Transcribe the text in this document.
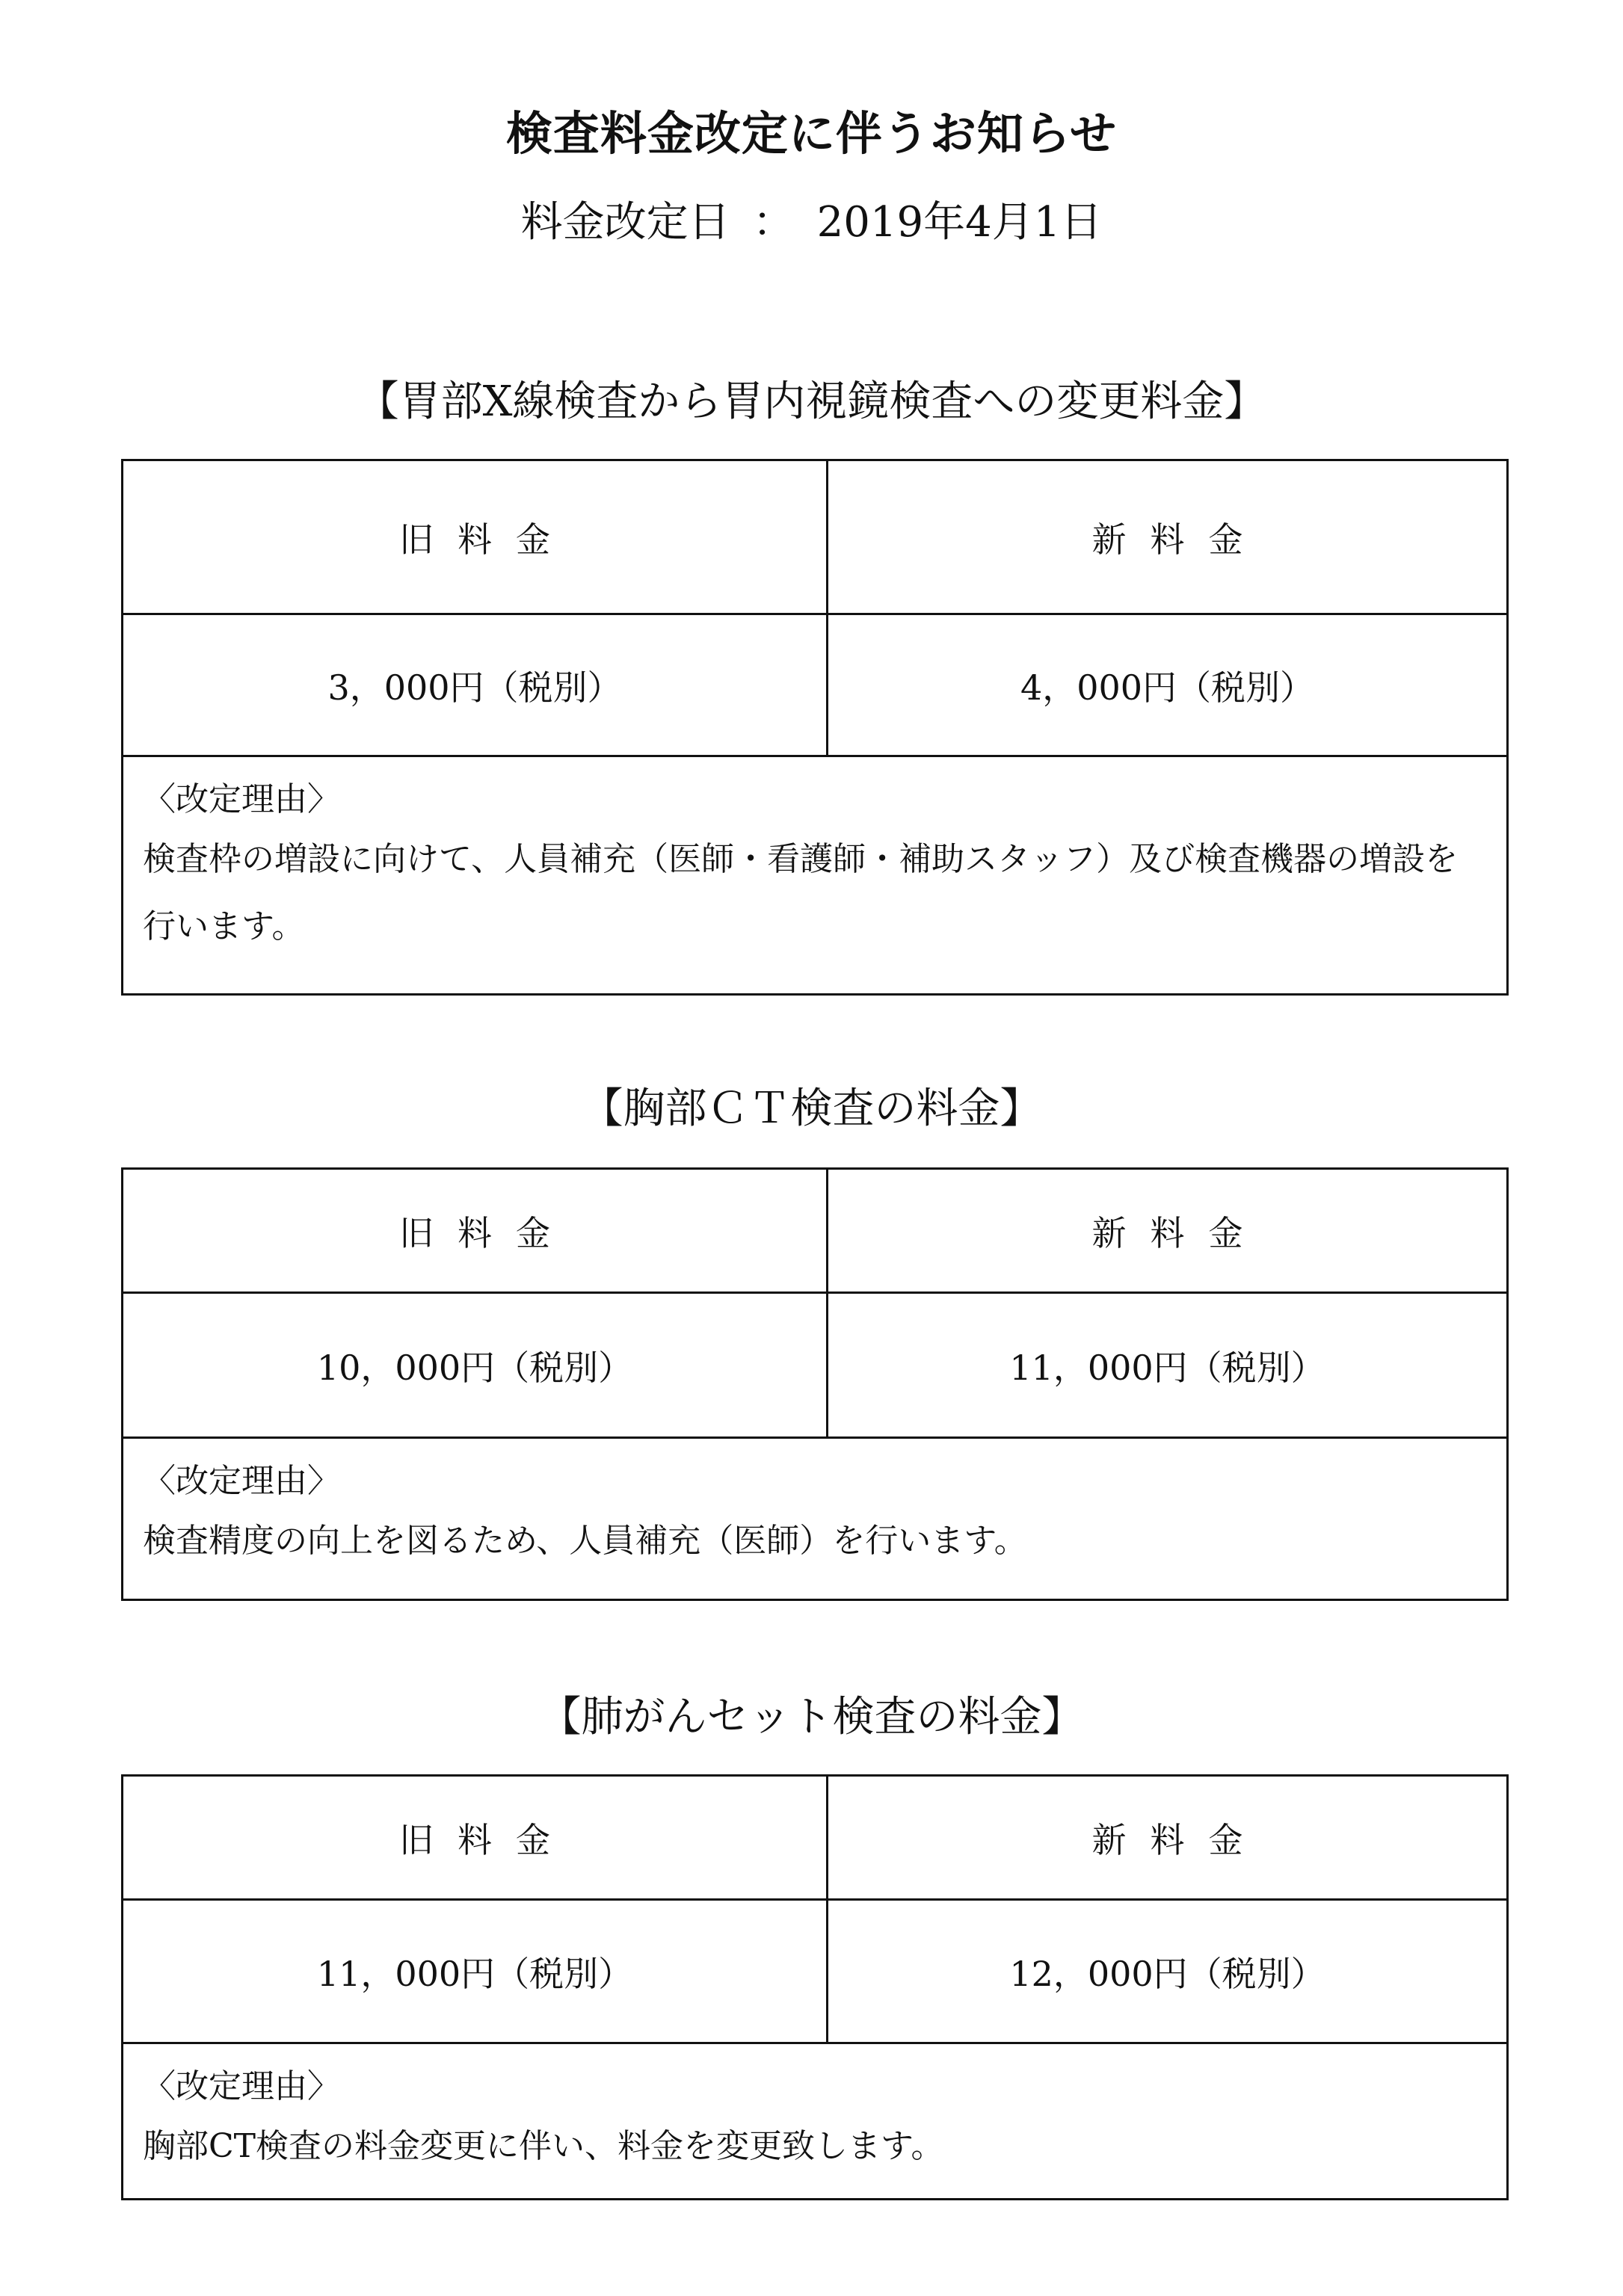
検査料金改定に伴うお知らせ
料金改定日 ： 2019年4月1日
【胃部X線検査から胃内視鏡検査への変更料金】
旧料金	新料金
3，000円（税別）	4，000円（税別）
〈改定理由〉
検査枠の増設に向けて、人員補充（医師・看護師・補助スタッフ）及び検査機器の増設を行います。
【胸部ＣＴ検査の料金】
旧料金	新料金
10，000円（税別）	11，000円（税別）
〈改定理由〉
検査精度の向上を図るため、人員補充（医師）を行います。
【肺がんセット検査の料金】
旧料金	新料金
11，000円（税別）	12，000円（税別）
〈改定理由〉
胸部CT検査の料金変更に伴い、料金を変更致します。
